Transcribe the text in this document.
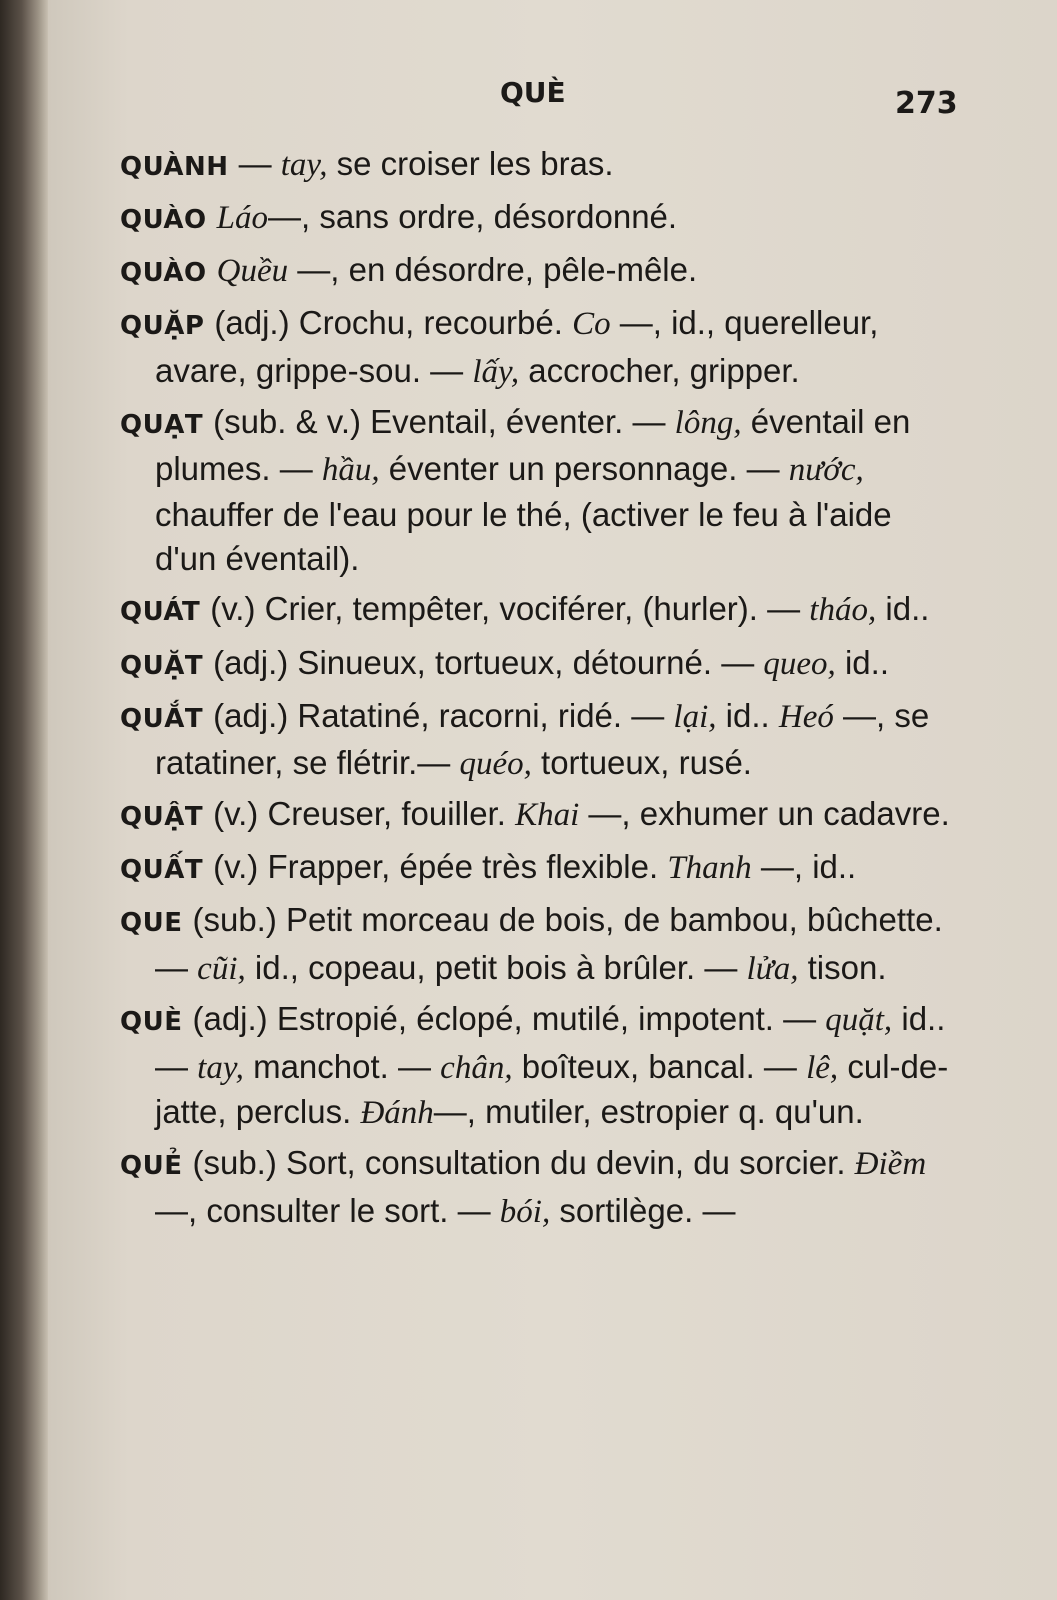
QUÈ	273

QUÀNH — tay, se croiser les bras.

QUÀO Láo—, sans ordre, désordonné.

QUÀO Quều —, en désordre, pêle-mêle.

QUẶP (adj.) Crochu, recourbé. Co —, id., querelleur, avare, grippe-sou. — lấy, accrocher, gripper.

QUẠT (sub. & v.) Eventail, éventer. — lông, éventail en plumes. — hầu, éventer un personnage. — nước, chauffer de l'eau pour le thé, (activer le feu à l'aide d'un éventail).

QUÁT (v.) Crier, tempêter, vociférer, (hurler). — tháo, id..

QUẶT (adj.) Sinueux, tortueux, détourné. — queo, id..

QUẮT (adj.) Ratatiné, racorni, ridé. — lại, id.. Heó —, se ratatiner, se flétrir.— quéo, tortueux, rusé.

QUẬT (v.) Creuser, fouiller. Khai —, exhumer un cadavre.

QUẤT (v.) Frapper, épée très flexible. Thanh —, id..

QUE (sub.) Petit morceau de bois, de bambou, bûchette. — cũi, id., copeau, petit bois à brûler. — lửa, tison.

QUÈ (adj.) Estropié, éclopé, mutilé, impotent. — quặt, id.. — tay, manchot. — chân, boîteux, bancal. — lê, cul-de-jatte, perclus. Đánh—, mutiler, estropier q. qu'un.

QUẺ (sub.) Sort, consultation du devin, du sorcier. Điềm —, consulter le sort. — bói, sortilège. —
